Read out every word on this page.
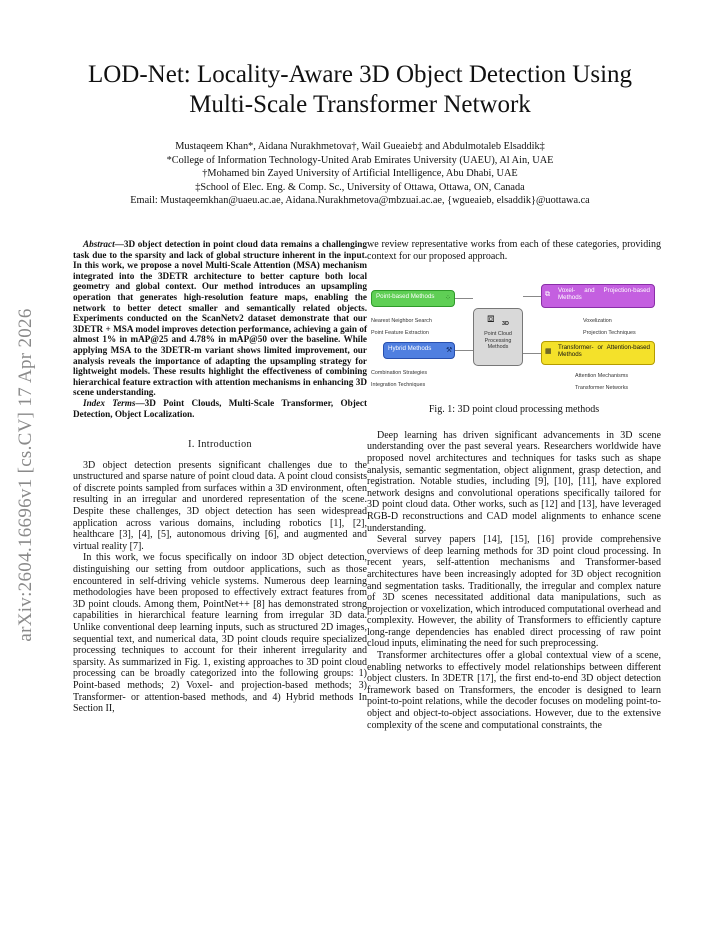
arXiv:2604.16696v1 [cs.CV] 17 Apr 2026
LOD-Net: Locality-Aware 3D Object Detection Using Multi-Scale Transformer Network
Mustaqeem Khan*, Aidana Nurakhmetova†, Wail Gueaieb‡ and Abdulmotaleb Elsaddik‡
*College of Information Technology-United Arab Emirates University (UAEU), Al Ain, UAE
†Mohamed bin Zayed University of Artificial Intelligence, Abu Dhabi, UAE
‡School of Elec. Eng. & Comp. Sc., University of Ottawa, Ottawa, ON, Canada
Email: Mustaqeemkhan@uaeu.ac.ae, Aidana.Nurakhmetova@mbzuai.ac.ae, {wgueaieb, elsaddik}@uottawa.ca

Abstract—3D object detection in point cloud data remains a challenging task due to the sparsity and lack of global structure inherent in the input. In this work, we propose a novel Multi-Scale Attention (MSA) mechanism integrated into the 3DETR architecture to better capture both local geometry and global context. Our method introduces an upsampling operation that generates high-resolution feature maps, enabling the network to better detect smaller and semantically related objects. Experiments conducted on the ScanNetv2 dataset demonstrate that our 3DETR + MSA model improves detection performance, achieving a gain of almost 1% in mAP@25 and 4.78% in mAP@50 over the baseline. While applying MSA to the 3DETR-m variant shows limited improvement, our analysis reveals the importance of adapting the upsampling strategy for lightweight models. These results highlight the effectiveness of combining hierarchical feature extraction with attention mechanisms in enhancing 3D scene understanding.

Index Terms—3D Point Clouds, Multi-Scale Transformer, Object Detection, Object Localization.

I. Introduction

3D object detection presents significant challenges due to the unstructured and sparse nature of point cloud data. A point cloud consists of discrete points sampled from surfaces within a 3D environment, often resulting in an irregular and unordered representation of the scene. Despite these challenges, 3D object detection has seen widespread application across various domains, including robotics [1], [2], healthcare [3], [4], [5], autonomous driving [6], and augmented and virtual reality [7].

In this work, we focus specifically on indoor 3D object detection, distinguishing our setting from outdoor applications, such as those encountered in self-driving vehicle systems. Numerous deep learning methodologies have been proposed to effectively extract features from 3D point clouds. Among them, PointNet++ [8] has demonstrated strong capabilities in hierarchical feature learning from irregular 3D data. Unlike conventional deep learning inputs, such as structured 2D images, sequential text, and numerical data, 3D point clouds require specialized processing techniques to account for their inherent irregularity and sparsity. As summarized in Fig. 1, existing approaches to 3D point cloud processing can be broadly categorized into the following groups: 1) Point-based methods; 2) Voxel- and projection-based methods; 3) Transformer- or attention-based methods, and 4) Hybrid methods In Section II,

we review representative works from each of these categories, providing context for our proposed approach.

Point-based Methods	⁘
Nearest Neighbor Search
Point Feature Extraction
Hybrid Methods	⚒
Combination Strategies
Integration Techniques
⧈ 3D
Point Cloud Processing Methods
Voxel- and Projection-based Methods
⧉
Voxelization
Projection Techniques
Transformer- or Attention-based Methods
▦
Attention Mechanisms
Transformer Networks
Fig. 1: 3D point cloud processing methods

Deep learning has driven significant advancements in 3D scene understanding over the past several years. Researchers worldwide have proposed novel architectures and techniques for tasks such as shape analysis, semantic segmentation, object alignment, grasp detection, and registration. Notable studies, including [9], [10], [11], have explored network designs and convolutional operations specifically tailored for 3D point cloud data. Other works, such as [12] and [13], have leveraged RGB-D reconstructions and CAD model alignments to enhance scene understanding.

Several survey papers [14], [15], [16] provide comprehensive overviews of deep learning methods for 3D point cloud processing. In recent years, self-attention mechanisms and Transformer-based architectures have been increasingly adopted for 3D object recognition and segmentation tasks. Traditionally, the irregular and complex nature of 3D scenes necessitated additional data manipulations, such as projection or voxelization, which introduced computational overhead and complexity. However, the ability of Transformers to efficiently capture long-range dependencies has enabled direct processing of raw point cloud inputs, eliminating the need for such preprocessing.

Transformer architectures offer a global contextual view of a scene, enabling networks to effectively model relationships between different object clusters. In 3DETR [17], the first end-to-end 3D object detection framework based on Transformers, the encoder is designed to learn point-to-point relations, while the decoder focuses on modeling point-to-object and object-to-object associations. However, due to the extensive complexity of the scene and computational constraints, the
